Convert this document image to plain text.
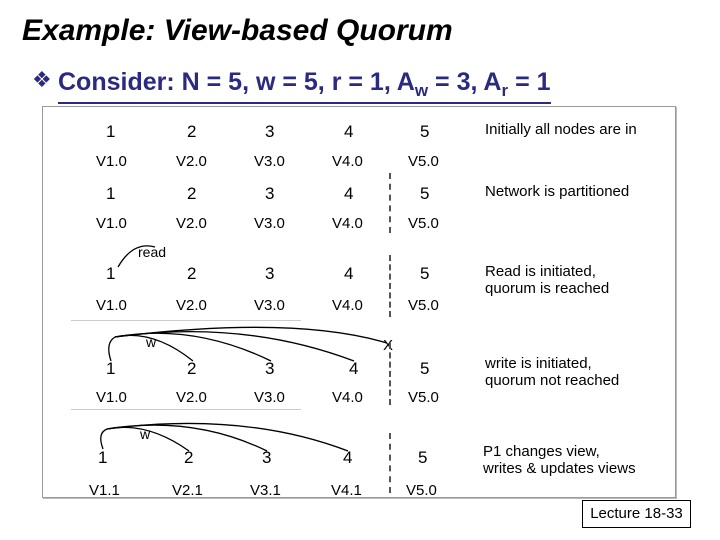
Example: View-based Quorum
❖ Consider: N = 5, w = 5, r = 1, $A_w = 3$, $A_r = 1$
1	2	3	4	5
V1.0	V2.0	V3.0	V4.0	V5.0
Initially all nodes are in
1	2	3	4	5
V1.0	V2.0	V3.0	V4.0	V5.0
Network is partitioned
read
1	2	3	4	5
V1.0	V2.0	V3.0	V4.0	V5.0
Read is initiated, quorum is reached
w	X
1	2	3	4	5
V1.0	V2.0	V3.0	V4.0	V5.0
write is initiated, quorum not reached
w
1	2	3	4	5
V1.1	V2.1	V3.1	V4.1	V5.0
P1 changes view, writes & updates views
Lecture 18-33
